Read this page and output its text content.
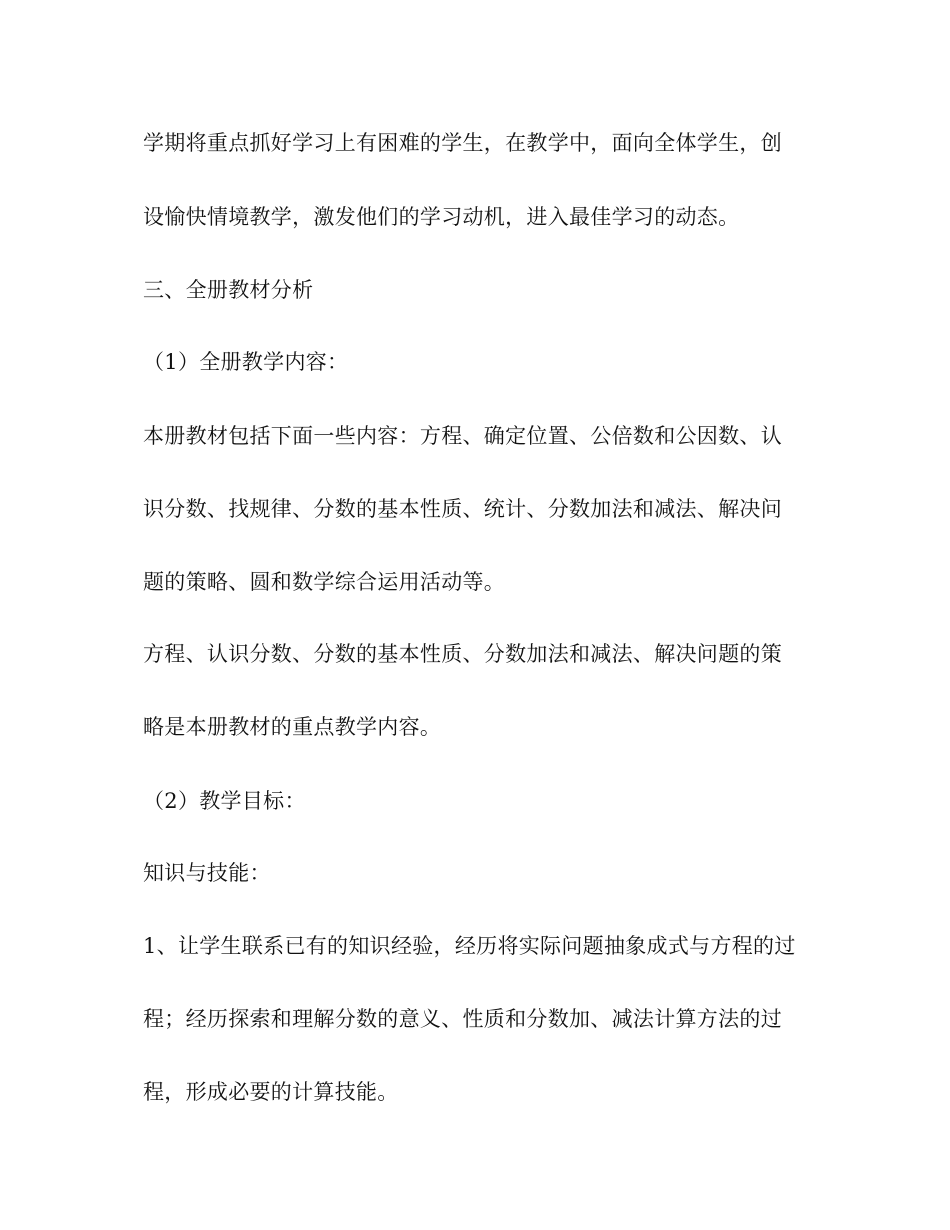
学期将重点抓好学习上有困难的学生，在教学中，面向全体学生，创

设愉快情境教学，激发他们的学习动机，进入最佳学习的动态。

三、全册教材分析

（1）全册教学内容：

本册教材包括下面一些内容：方程、确定位置、公倍数和公因数、认

识分数、找规律、分数的基本性质、统计、分数加法和减法、解决问

题的策略、圆和数学综合运用活动等。

方程、认识分数、分数的基本性质、分数加法和减法、解决问题的策

略是本册教材的重点教学内容。

（2）教学目标：

知识与技能：

1、让学生联系已有的知识经验，经历将实际问题抽象成式与方程的过

程；经历探索和理解分数的意义、性质和分数加、减法计算方法的过

程，形成必要的计算技能。
